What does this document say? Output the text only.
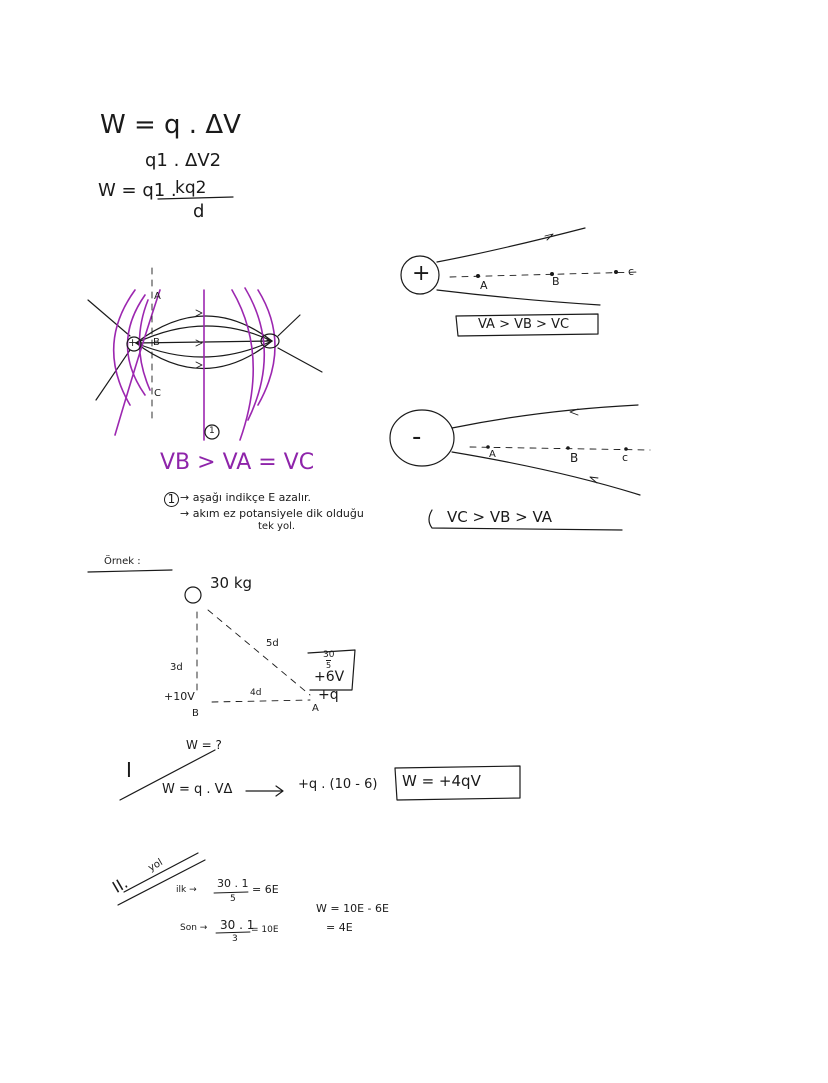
W = q . ΔV
q1 . ΔV2
W = q1 .
kq2
d
+	-
A
B
C
1
VB > VA = VC
1 → aşağı indikçe E azalır.
→ akım ez potansiyele dik olduğu
tek yol.
+	A	B
c
VA > VB > VC
-
A	B	c
VC > VB > VA
Örnek :
30 kg
5d
3d
4d
+10V
B
30
5
+6V
+q
A
W = ?
I
W = q . VΔ	+q . (10 - 6) W = +4qV
II.
yol
ilk → 30 . 1
5
= 6E
Son → 30 . 1
3
= 10E
W = 10E - 6E
= 4E
